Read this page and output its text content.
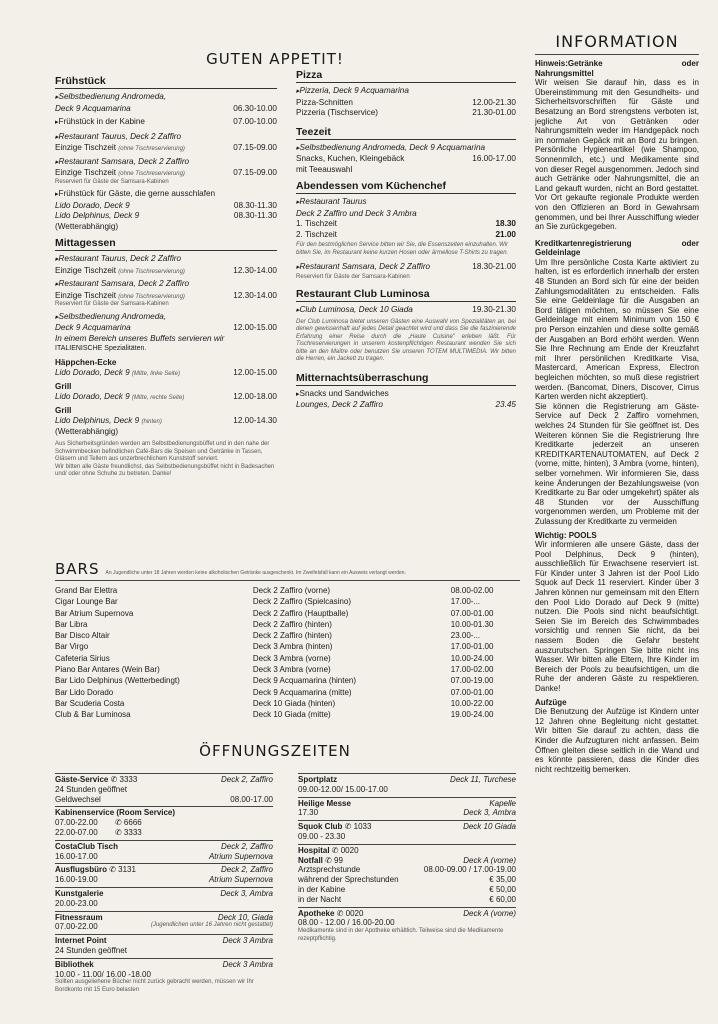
GUTEN APPETIT!
Frühstück
▸ Selbstbedienung Andromeda,
Deck 9 Acquamarina	06.30-10.00
▸ Frühstück in der Kabine	07.00-10.00
▸ Restaurant Taurus, Deck 2 Zaffiro
Einzige Tischzeit (ohne Tischreservierung)	07.15-09.00
▸ Restaurant Samsara, Deck 2 Zaffiro
Einzige Tischzeit (ohne Tischreservierung)	07.15-09.00
Reserviert für Gäste der Samsara-Kabinen
▸ Frühstück für Gäste, die gerne ausschlafen
Lido Dorado, Deck 9	08.30-11.30
Lido Delphinus, Deck 9	08.30-11.30
(Wetterabhängig)
Mittagessen
▸ Restaurant Taurus, Deck 2 Zaffiro
Einzige Tischzeit (ohne Tischreservierung)	12.30-14.00
▸ Restaurant Samsara, Deck 2 Zaffiro
Einzige Tischzeit (ohne Tischreservierung)	12.30-14.00
Reserviert für Gäste der Samsara-Kabinen
▸ Selbstbedienung Andromeda,
Deck 9 Acquamarina	12.00-15.00
In einem Bereich unseres Buffets servieren wir
ITALIENISCHE Spezialitäten.
Häppchen-Ecke
Lido Dorado, Deck 9 (Mitte, linke Seite)	12.00-15.00
Grill
Lido Dorado, Deck 9 (Mitte, rechte Seite)	12.00-18.00
Grill
Lido Delphinus, Deck 9 (hinten)	12.00-14.30
(Wetterabhängig)
Aus Sicherheitsgründen werden am Selbstbedienungsbüffet und in den nahe der Schwimmbecken befindlichen Café-Bars die Speisen und Getränke in Tassen, Gläsern und Tellern aus unzerbrechlichem Kunststoff serviert.
Wir bitten alle Gäste freundlichst, das Selbstbedienungsbüffet nicht in Badesachen und/ oder ohne Schuhe zu betreten. Danke!
Pizza
▸ Pizzeria, Deck 9 Acquamarina
Pizza-Schnitten	12.00-21.30
Pizzeria (Tischservice)	21.30-01.00
Teezeit
▸ Selbstbedienung Andromeda, Deck 9 Acquamarina
Snacks, Kuchen, Kleingebäck	16.00-17.00
mit Teeauswahl
Abendessen vom Küchenchef
▸ Restaurant Taurus
Deck 2 Zaffiro und Deck 3 Ambra
1. Tischzeit	18.30
2. Tischzeit	21.00
Für den bestmöglichen Service bitten wir Sie, die Essenszeiten einzuhalten. Wir bitten Sie, im Restaurant keine kurzen Hosen oder ärmellose T-Shirts zu tragen.
▸ Restaurant Samsara, Deck 2 Zaffiro	18.30-21.00
Reserviert für Gäste der Samsara-Kabinen
Restaurant Club Luminosa
▸ Club Luminosa, Deck 10 Giada	19.30-21.30
Der Club Luminosa bietet unseren Gästen eine Auswahl von Spezialitäten an, bei denen gewissenhaft auf jedes Detail geachtet wird und dass Sie die faszinierende Erfahrung einer Reise durch die „Haute Cuisine" erleben läßt. Für Tischreservierungen in unserem kostenpflichtigen Restaurant wenden Sie sich bitte an den Maître oder benutzen Sie unseren TOTEM MULTIMEDIA. Wir bitten die Herren, ein Jackett zu tragen.
Mitternachtsüberraschung
▸ Snacks und Sandwiches
Lounges, Deck 2 Zaffiro	23.45
BARS An Jugendliche unter 18 Jahren werden keine alkoholischen Getränke ausgeschenkt. Im Zweifelsfall kann ein Ausweis verlangt werden.
Grand Bar Elettra	Deck 2 Zaffiro (vorne)	08.00-02.00
Cigar Lounge Bar	Deck 2 Zaffiro (Spielcasino)	17.00-...
Bar Atrium Supernova	Deck 2 Zaffiro (Hauptballe)	07.00-01.00
Bar Libra	Deck 2 Zaffiro (hinten)	10.00-01.30
Bar Disco Altair	Deck 2 Zaffiro (hinten)	23.00-...
Bar Virgo	Deck 3 Ambra (hinten)	17.00-01.00
Cafeteria Sirius	Deck 3 Ambra (vorne)	10.00-24.00
Piano Bar Antares (Wein Bar)	Deck 3 Ambra (vorne)	17.00-02.00
Bar Lido Delphinus (Wetterbedingt)	Deck 9 Acquamarina (hinten)	07.00-19.00
Bar Lido Dorado	Deck 9 Acquamarina (mitte)	07.00-01.00
Bar Scuderia Costa	Deck 10 Giada (hinten)	10.00-22.00
Club & Bar Luminosa	Deck 10 Giada (mitte)	19.00-24.00
ÖFFNUNGSZEITEN
Gäste-Service ✆ 3333	Deck 2, Zaffiro
24 Stunden geöffnet
Geldwechsel	08.00-17.00
Kabinenservice (Room Service)
07.00-22.00	✆ 6666
22.00-07.00	✆ 3333
CostaClub Tisch	Deck 2, Zaffiro
16.00-17.00	Atrium Supernova
Ausflugsbüro ✆ 3131	Deck 2, Zaffiro
16.00-19.00	Atrium Supernova
Kunstgalerie	Deck 3, Ambra
20.00-23.00
Fitnessraum	Deck 10, Giada
07.00-22.00	(Jugendlichen unter 16 Jahren nicht gestattet)
Internet Point	Deck 3 Ambra
24 Stunden geöffnet
Bibliothek	Deck 3 Ambra
10.00 - 11.00/ 16.00 -18.00
Sollten ausgeliehene Bücher nicht zurück gebracht werden, müssen wir Ihr Bordkonto mit 15 Euro belasten
Sportplatz	Deck 11, Turchese
09.00-12.00/ 15.00-17.00
Heilige Messe	Kapelle
17.30	Deck 3, Ambra
Squok Club ✆ 1033	Deck 10 Giada
09.00 - 23.30
Hospital ✆ 0020
Notfall ✆ 99	Deck A (vorne)
Arztsprechstunde	08.00-09.00 / 17.00-19.00
während der Sprechstunden	€ 35,00
in der Kabine	€ 50,00
in der Nacht	€ 60,00
Apotheke ✆ 0020	Deck A (vorne)
08.00 - 12.00 / 16.00-20.00
Medikamente sind in der Apotheke erhältlich. Teilweise sind die Medikamente rezeptpflichtig.
INFORMATION
Hinweis:Getränke	oder
Nahrungsmittel
Wir weisen Sie darauf hin, dass es in Übereinstimmung mit den Gesundheits- und Sicherheitsvorschriften für Gäste und Besatzung an Bord strengstens verboten ist, jegliche Art von Getränken oder Nahrungsmitteln weder im Handgepäck noch im normalen Gepäck mit an Bord zu bringen. Persönliche Hygieneartikel (wie Shampoo, Sonnenmilch, etc.) und Medikamente sind von dieser Regel ausgenommen. Jedoch sind auch Getränke oder Nahrungsmittel, die an Land gekauft wurden, nicht an Bord gestattet. Vor Ort gekaufte regionale Produkte werden von den Offizieren an Bord in Gewahrsam genommen, und bei Ihrer Ausschiffung wieder an Sie zurückgegeben.
Kreditkartenregistrierung	oder
Geldeinlage
Um Ihre persönliche Costa Karte aktiviert zu halten, ist es erforderlich innerhalb der ersten 48 Stunden an Bord sich für eine der beiden Zahlungsmodalitäten zu entscheiden. Falls Sie eine Geldeinlage für die Ausgaben an Bord tätigen möchten, so müssen Sie eine Geldeinlage mit einem Minimum von 150 € pro Person einzahlen und diese sollte gemäß der Ausgaben an Bord erhöht werden. Wenn Sie Ihre Rechnung am Ende der Kreuzfahrt mit Ihrer persönlichen Kreditkarte Visa, Mastercard, American Express, Electron begleichen möchten, so muß diese registriert werden. (Bancomat, Diners, Discover, Cirrus Karten werden nicht akzeptiert).
Sie können die Registrierung am Gäste-Service auf Deck 2 Zaffiro vornehmen, welches 24 Stunden für Sie geöffnet ist. Des Weiteren können Sie die Registrierung Ihre Kreditkarte jederzeit an unseren KREDITKARTENAUTOMATEN, auf Deck 2 (vorne, mitte, hinten), 3 Ambra (vorne, hinten), selber vornehmen. Wir informieren Sie, dass keine Änderungen der Bezahlungsweise (von Kreditkarte zu Bar oder umgekehrt) später als 48 Stunden vor der Ausschiffung vorgenommen werden, um Probleme mit der Zulassung der Kreditkarte zu vermeiden
Wichtig: POOLS
Wir informieren alle unsere Gäste, dass der Pool Delphinus, Deck 9 (hinten), ausschließlich für Erwachsene reserviert ist. Für Kinder unter 3 Jahren ist der Pool Lido Squok auf Deck 11 reserviert. Kinder über 3 Jahren können nur gemeinsam mit den Eltern den Pool Lido Dorado auf Deck 9 (mitte) nutzen. Die Pools sind nicht beaufsichtigt. Seien Sie im Bereich des Schwimmbades vorsichtig und rennen Sie nicht, da bei nassem Boden die Gefahr besteht auszurutschen. Springen Sie bitte nicht ins Wasser. Wir bitten alle Eltern, Ihre Kinder im Bereich der Pools zu beaufsichtigen, um die Ruhe der anderen Gäste zu respektieren. Danke!
Aufzüge
Die Benutzung der Aufzüge ist Kindern unter 12 Jahren ohne Begleitung nicht gestattet. Wir bitten Sie darauf zu achten, dass die Kinder die Aufzugturen nicht anfassen. Beim Öffnen gleiten diese seitlich in die Wand und es könnte passieren, dass die Kinder dies nicht rechtzeitig bemerken.
